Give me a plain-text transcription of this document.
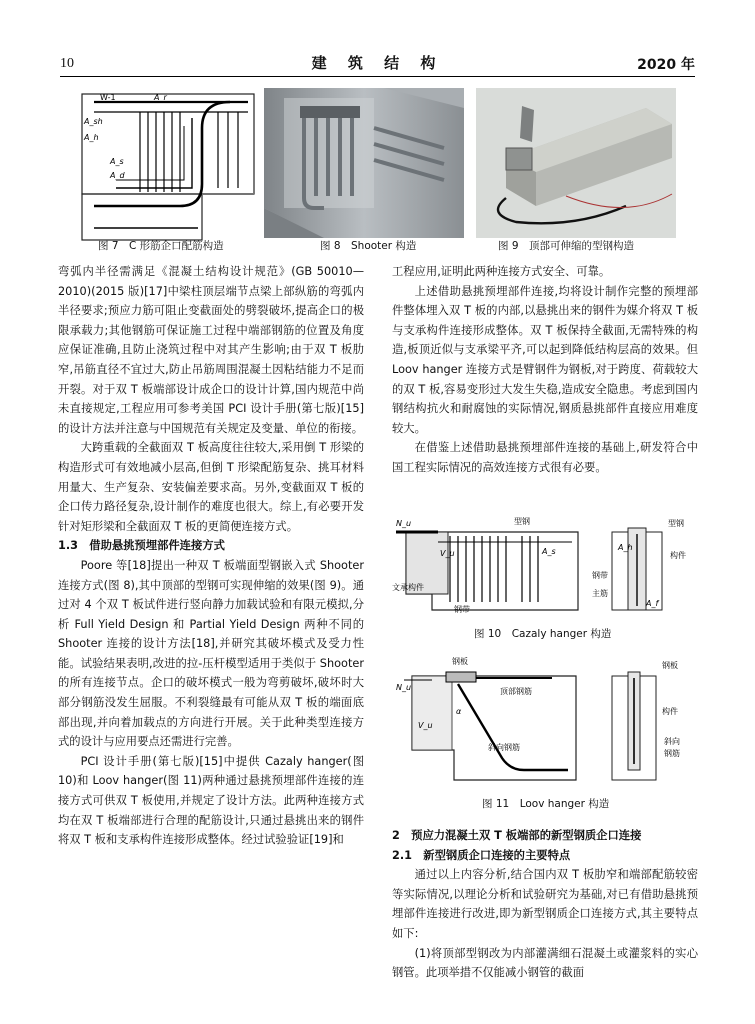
10	建 筑 结 构	2020 年
W-1	A_r
A_sh
A_h
A_s
A_d
图 7　C 形筋企口配筋构造	图 8　Shooter 构造	图 9　顶部可伸缩的型钢构造

弯弧内半径需满足《混凝土结构设计规范》(GB 50010—2010)(2015 版)[17]中梁柱顶层端节点梁上部纵筋的弯弧内半径要求;预应力筋可阻止变截面处的劈裂破坏,提高企口的极限承载力;其他钢筋可保证施工过程中端部钢筋的位置及角度应保证准确,且防止浇筑过程中对其产生影响;由于双 T 板肋窄,吊筋直径不宜过大,防止吊筋周围混凝土因粘结能力不足而开裂。对于双 T 板端部设计成企口的设计计算,国内规范中尚未直接规定,工程应用可参考美国 PCI 设计手册(第七版)[15]的设计方法并注意与中国规范有关规定及变量、单位的衔接。

大跨重载的全截面双 T 板高度往往较大,采用倒 T 形梁的构造形式可有效地减小层高,但倒 T 形梁配筋复杂、挑耳材料用量大、生产复杂、安装偏差要求高。另外,变截面双 T 板的企口传力路径复杂,设计制作的难度也很大。综上,有必要开发针对矩形梁和全截面双 T 板的更简便连接方式。

1.3　借助悬挑预埋部件连接方式

Poore 等[18]提出一种双 T 板端面型钢嵌入式 Shooter 连接方式(图 8),其中顶部的型钢可实现伸缩的效果(图 9)。通过对 4 个双 T 板试件进行竖向静力加载试验和有限元模拟,分析 Full Yield Design 和 Partial Yield Design 两种不同的 Shooter 连接的设计方法[18],并研究其破坏模式及受力性能。试验结果表明,改进的拉-压杆模型适用于类似于 Shooter 的所有连接节点。企口的破坏模式一般为弯剪破坏,破坏时大部分钢筋没发生屈服。不利裂缝最有可能从双 T 板的端面底部出现,并向着加载点的方向进行开展。关于此种类型连接方式的设计与应用要点还需进行完善。

PCI 设计手册(第七版)[15]中提供 Cazaly hanger(图 10)和 Loov hanger(图 11)两种通过悬挑预埋部件连接的连接方式可供双 T 板使用,并规定了设计方法。此两种连接方式均在双 T 板端部进行合理的配筋设计,只通过悬挑出来的钢件将双 T 板和支承构件连接形成整体。经过试验验证[19]和

工程应用,证明此两种连接方式安全、可靠。

上述借助悬挑预埋部件连接,均将设计制作完整的预埋部件整体埋入双 T 板的内部,以悬挑出来的钢件为媒介将双 T 板与支承构件连接形成整体。双 T 板保持全截面,无需特殊的构造,板顶近似与支承梁平齐,可以起到降低结构层高的效果。但 Loov hanger 连接方式是臂钢件为钢板,对于跨度、荷载较大的双 T 板,容易变形过大发生失稳,造成安全隐患。考虑到国内钢结构抗火和耐腐蚀的实际情况,钢质悬挑部件直接应用难度较大。

在借鉴上述借助悬挑预埋部件连接的基础上,研发符合中国工程实际情况的高效连接方式很有必要。

型钢
N_u
V_u	A_s
文承构件
钢带
型钢
A_h
构件
钢带
主筋
A_f
图 10　Cazaly hanger 构造
钢板
N_u
V_u
α
顶部钢筋
斜向钢筋
钢板
构件
斜向
钢筋
图 11　Loov hanger 构造

2　预应力混凝土双 T 板端部的新型钢质企口连接

2.1　新型钢质企口连接的主要特点

通过以上内容分析,结合国内双 T 板肋窄和端部配筋较密等实际情况,以理论分析和试验研究为基础,对已有借助悬挑预埋部件连接进行改进,即为新型钢质企口连接方式,其主要特点如下:

(1)将顶部型钢改为内部灌满细石混凝土或灌浆料的实心钢管。此项举措不仅能减小钢管的截面
